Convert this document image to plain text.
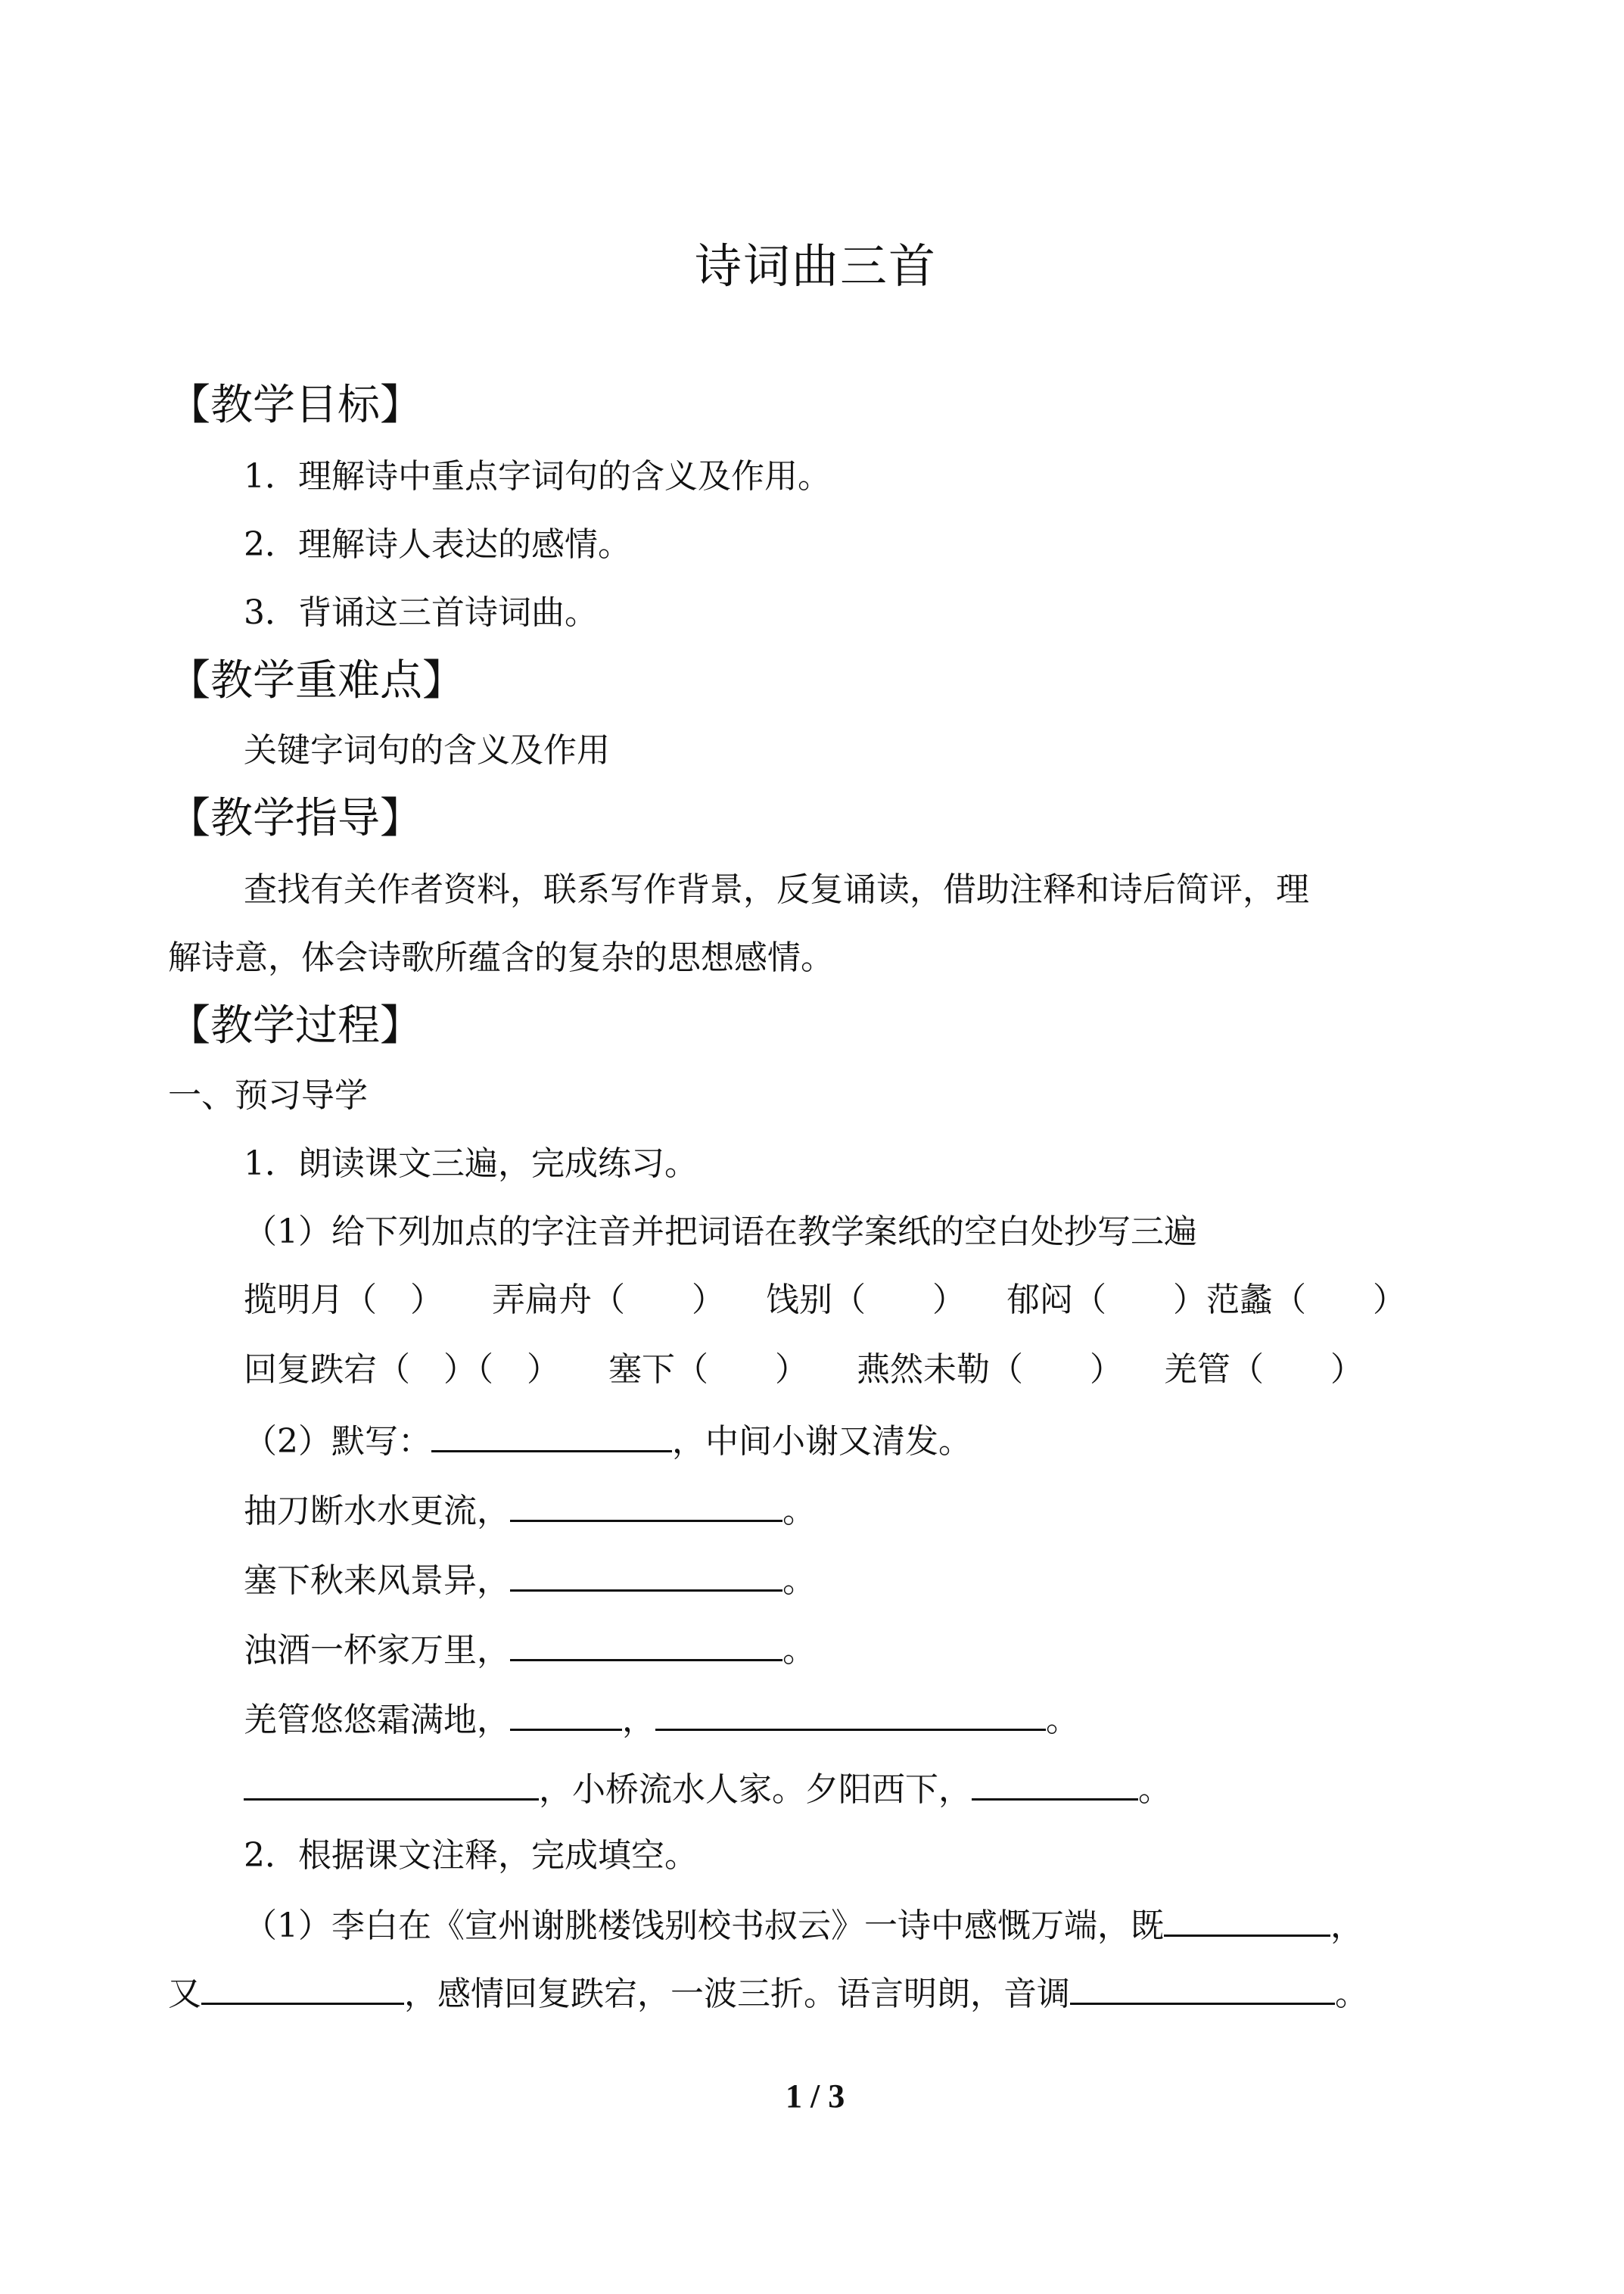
诗词曲三首
【教学目标】
1．理解诗中重点字词句的含义及作用。
2．理解诗人表达的感情。
3．背诵这三首诗词曲。
【教学重难点】
关键字词句的含义及作用
【教学指导】
查找有关作者资料，联系写作背景，反复诵读，借助注释和诗后简评，理
解诗意，体会诗歌所蕴含的复杂的思想感情。
【教学过程】
一、预习导学
1．朗读课文三遍，完成练习。
（1）给下列加点的字注音并把词语在教学案纸的空白处抄写三遍
揽明月（　） 弄扁舟（　　） 饯别（　　） 郁闷（　　）范蠡（　　）
回复跌宕（　）（　） 塞下（　　） 燕然未勒（　　） 羌管（　　）
（2）默写：	，中间小谢又清发。
抽刀断水水更流，	。
塞下秋来风景异，	。
浊酒一杯家万里，	。
羌管悠悠霜满地，	，	。
，小桥流水人家。夕阳西下，	。
2．根据课文注释，完成填空。
（1）李白在《宣州谢朓楼饯别校书叔云》一诗中感慨万端，既	，
又	，感情回复跌宕，一波三折。语言明朗，音调	。
1 / 3
